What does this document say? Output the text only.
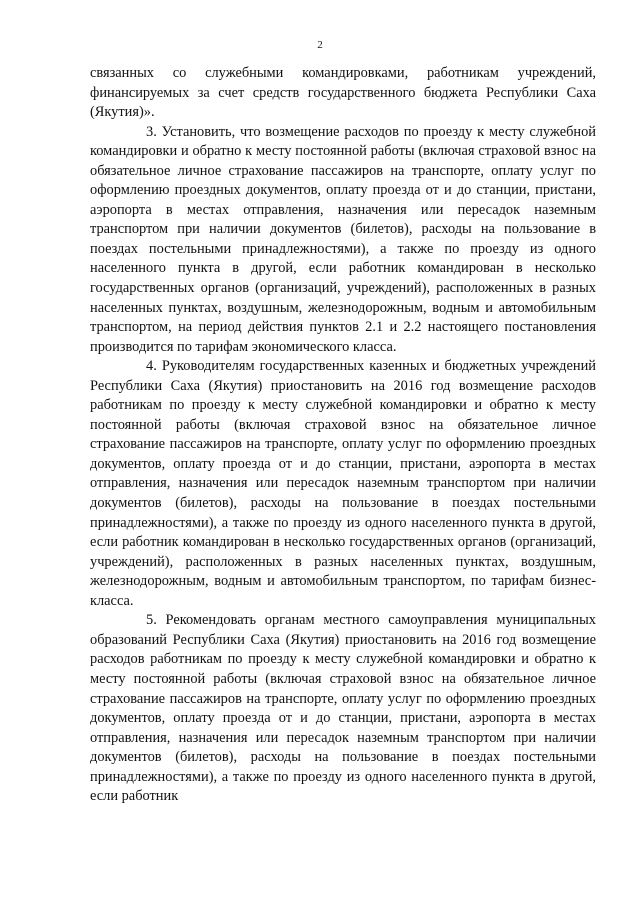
2

связанных со служебными командировками, работникам учреждений, финансируемых за счет средств государственного бюджета Республики Саха (Якутия)».

3. Установить, что возмещение расходов по проезду к месту служебной командировки и обратно к месту постоянной работы (включая страховой взнос на обязательное личное страхование пассажиров на транспорте, оплату услуг по оформлению проездных документов, оплату проезда от и до станции, пристани, аэропорта в местах отправления, назначения или пересадок наземным транспортом при наличии документов (билетов), расходы на пользование в поездах постельными принадлежностями), а также по проезду из одного населенного пункта в другой, если работник командирован в несколько государственных органов (организаций, учреждений), расположенных в разных населенных пунктах, воздушным, железнодорожным, водным и автомобильным транспортом, на период действия пунктов 2.1 и 2.2 настоящего постановления производится по тарифам экономического класса.

4. Руководителям государственных казенных и бюджетных учреждений Республики Саха (Якутия) приостановить на 2016 год возмещение расходов работникам по проезду к месту служебной командировки и обратно к месту постоянной работы (включая страховой взнос на обязательное личное страхование пассажиров на транспорте, оплату услуг по оформлению проездных документов, оплату проезда от и до станции, пристани, аэропорта в местах отправления, назначения или пересадок наземным транспортом при наличии документов (билетов), расходы на пользование в поездах постельными принадлежностями), а также по проезду из одного населенного пункта в другой, если работник командирован в несколько государственных органов (организаций, учреждений), расположенных в разных населенных пунктах, воздушным, железнодорожным, водным и автомобильным транспортом, по тарифам бизнес-класса.

5. Рекомендовать органам местного самоуправления муниципальных образований Республики Саха (Якутия) приостановить на 2016 год возмещение расходов работникам по проезду к месту служебной командировки и обратно к месту постоянной работы (включая страховой взнос на обязательное личное страхование пассажиров на транспорте, оплату услуг по оформлению проездных документов, оплату проезда от и до станции, пристани, аэропорта в местах отправления, назначения или пересадок наземным транспортом при наличии документов (билетов), расходы на пользование в поездах постельными принадлежностями), а также по проезду из одного населенного пункта в другой, если работник
